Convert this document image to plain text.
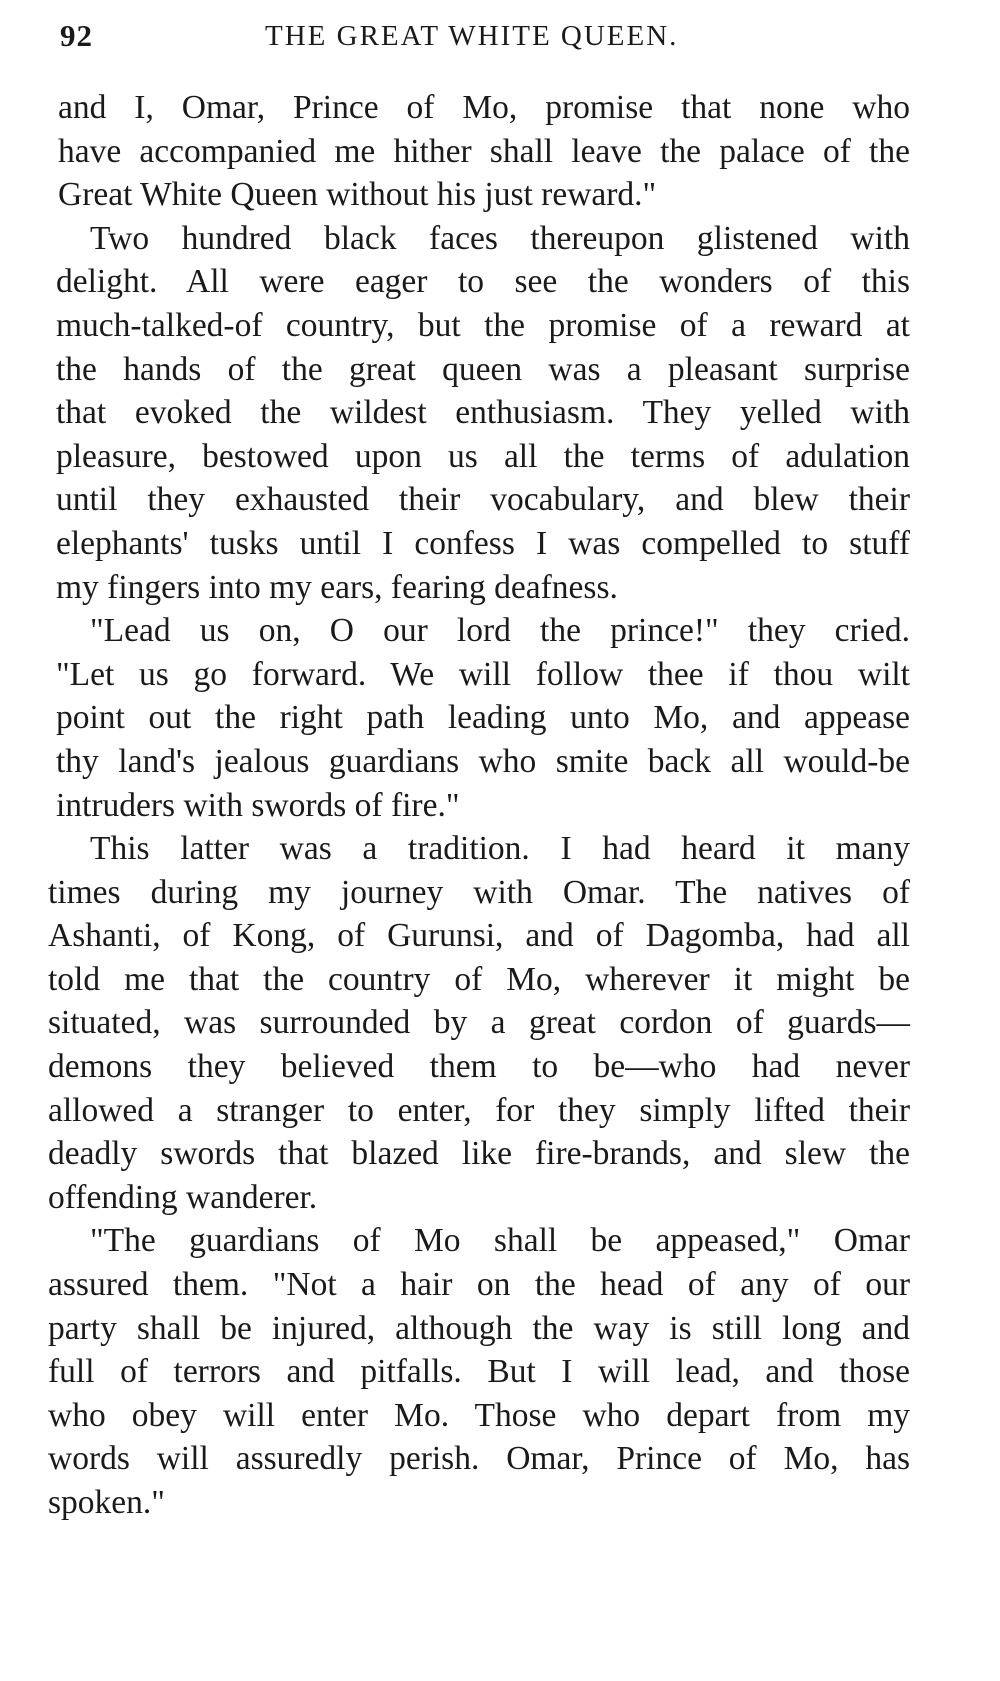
92	THE GREAT WHITE QUEEN.
and I, Omar, Prince of Mo, promise that none who
have accompanied me hither shall leave the palace of the
Great White Queen without his just reward."
Two hundred black faces thereupon glistened with
delight. All were eager to see the wonders of this
much-talked-of country, but the promise of a reward at
the hands of the great queen was a pleasant surprise
that evoked the wildest enthusiasm. They yelled with
pleasure, bestowed upon us all the terms of adulation
until they exhausted their vocabulary, and blew their
elephants' tusks until I confess I was compelled to stuff
my fingers into my ears, fearing deafness.
"Lead us on, O our lord the prince!" they cried.
"Let us go forward. We will follow thee if thou wilt
point out the right path leading unto Mo, and appease
thy land's jealous guardians who smite back all would-be
intruders with swords of fire."
This latter was a tradition. I had heard it many
times during my journey with Omar. The natives of
Ashanti, of Kong, of Gurunsi, and of Dagomba, had all
told me that the country of Mo, wherever it might be
situated, was surrounded by a great cordon of guards—
demons they believed them to be—who had never
allowed a stranger to enter, for they simply lifted their
deadly swords that blazed like fire-brands, and slew the
offending wanderer.
"The guardians of Mo shall be appeased," Omar
assured them. "Not a hair on the head of any of our
party shall be injured, although the way is still long and
full of terrors and pitfalls. But I will lead, and those
who obey will enter Mo. Those who depart from my
words will assuredly perish. Omar, Prince of Mo, has
spoken."
